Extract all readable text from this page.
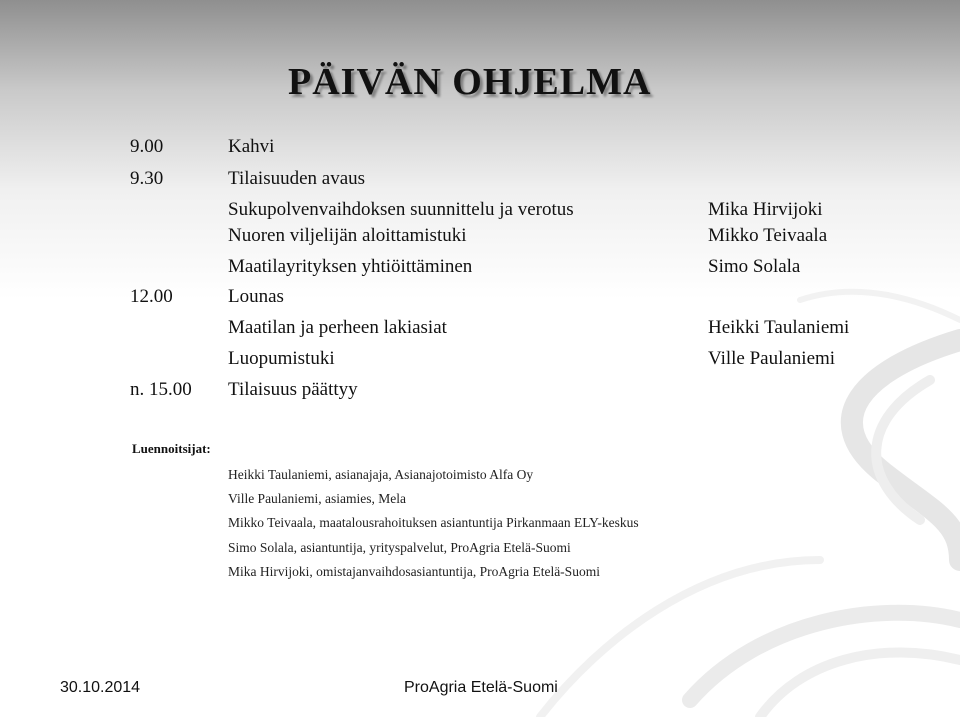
PÄIVÄN OHJELMA
9.00	Kahvi
9.30	Tilaisuuden avaus
Sukupolvenvaihdoksen suunnittelu ja verotus	Mika Hirvijoki
Nuoren viljelijän aloittamistuki	Mikko Teivaala
Maatilayrityksen yhtiöittäminen	Simo Solala
12.00	Lounas
Maatilan ja perheen lakiasiat	Heikki Taulaniemi
Luopumistuki	Ville Paulaniemi
n. 15.00 Tilaisuus päättyy
Luennoitsijat:
Heikki Taulaniemi, asianajaja, Asianajotoimisto Alfa Oy
Ville Paulaniemi, asiamies, Mela
Mikko Teivaala, maatalousrahoituksen asiantuntija Pirkanmaan ELY-keskus
Simo Solala, asiantuntija, yrityspalvelut, ProAgria Etelä-Suomi
Mika Hirvijoki, omistajanvaihdosasiantuntija, ProAgria Etelä-Suomi
30.10.2014	ProAgria Etelä-Suomi
